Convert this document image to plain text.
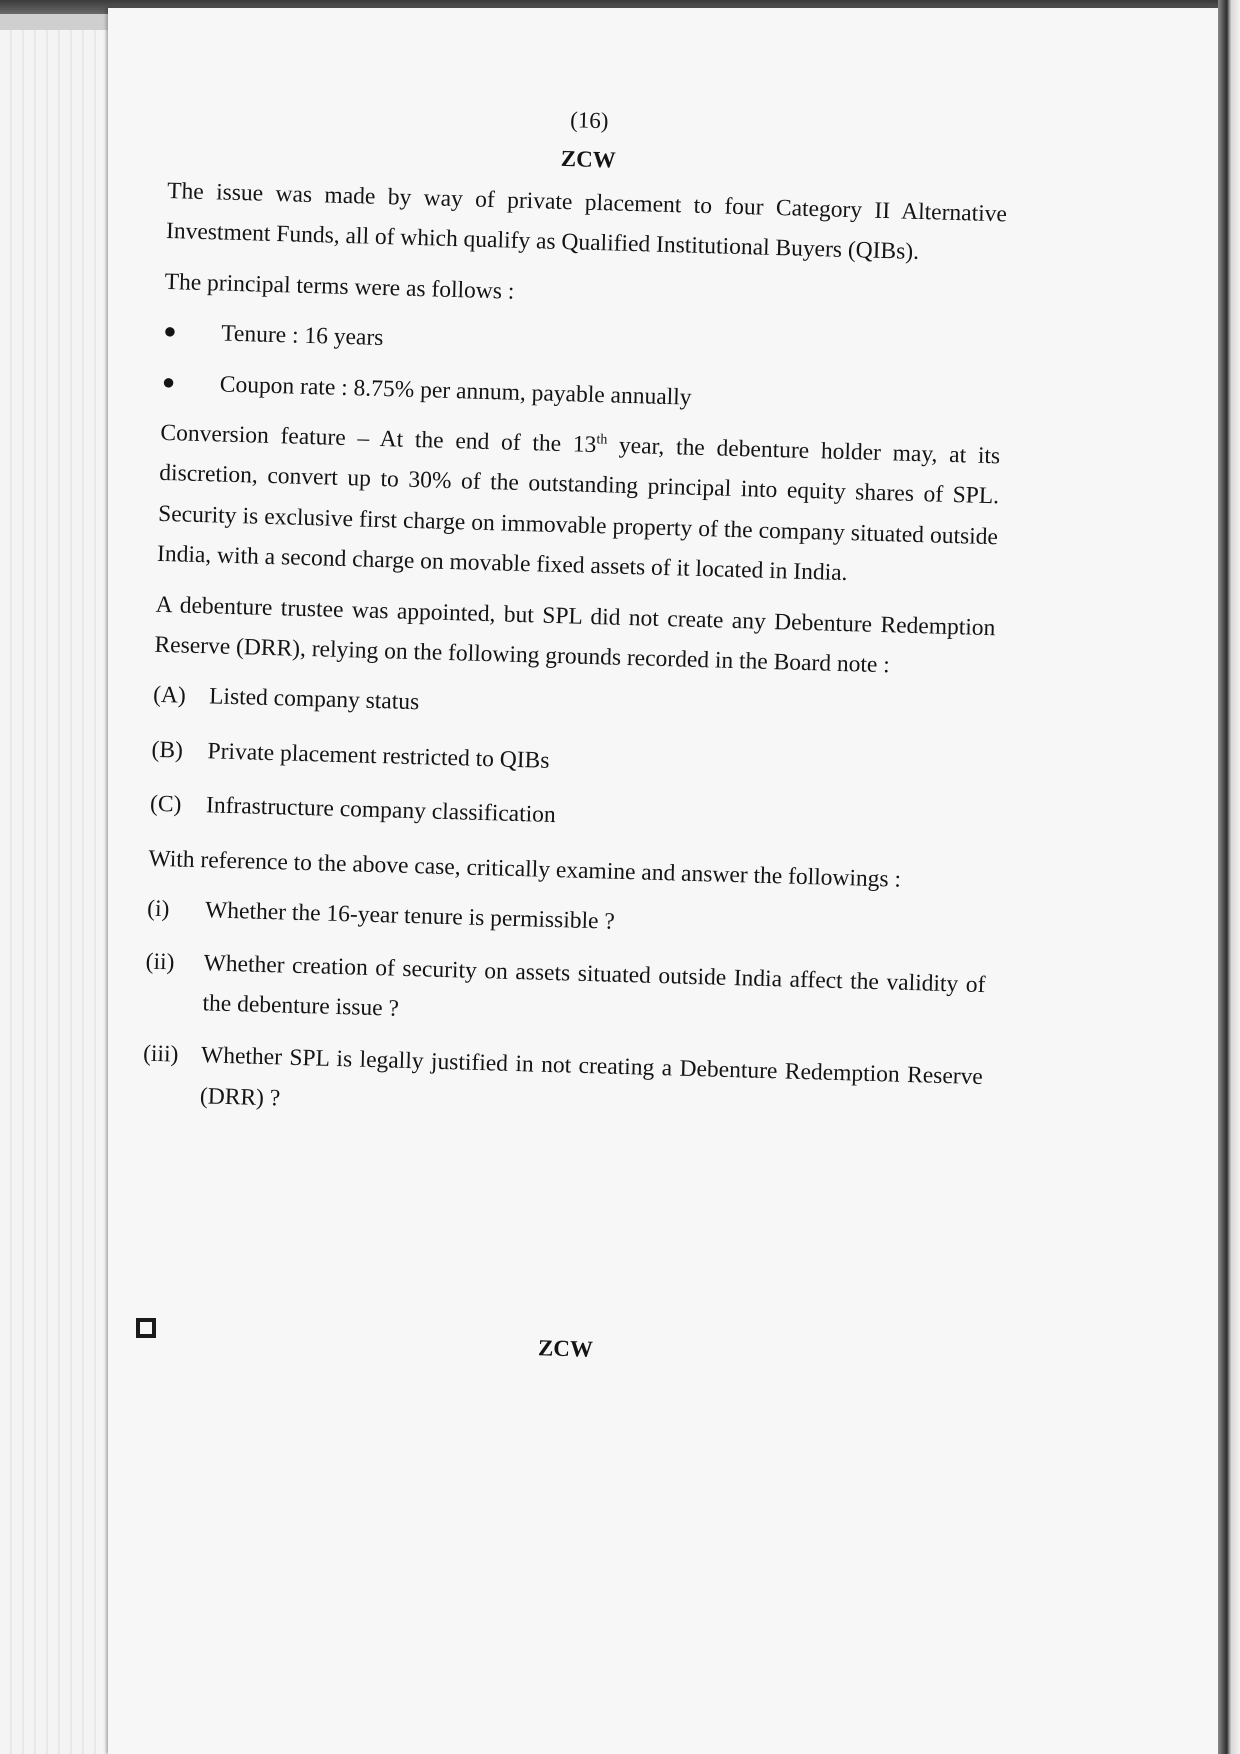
(16)
ZCW

The issue was made by way of private placement to four Category II Alternative Investment Funds, all of which qualify as Qualified Institutional Buyers (QIBs).

The principal terms were as follows :

● Tenure : 16 years
● Coupon rate : 8.75% per annum, payable annually

Conversion feature – At the end of the 13th year, the debenture holder may, at its discretion, convert up to 30% of the outstanding principal into equity shares of SPL. Security is exclusive first charge on immovable property of the company situated outside India, with a second charge on movable fixed assets of it located in India.

A debenture trustee was appointed, but SPL did not create any Debenture Redemption Reserve (DRR), relying on the following grounds recorded in the Board note :

(A) Listed company status
(B)	Private placement restricted to QIBs
(C)	Infrastructure company classification

With reference to the above case, critically examine and answer the followings :

(i)	Whether the 16-year tenure is permissible ?
(ii)	Whether creation of security on assets situated outside India affect the validity of the debenture issue ?
(iii) Whether SPL is legally justified in not creating a Debenture Redemption Reserve (DRR) ?
ZCW
